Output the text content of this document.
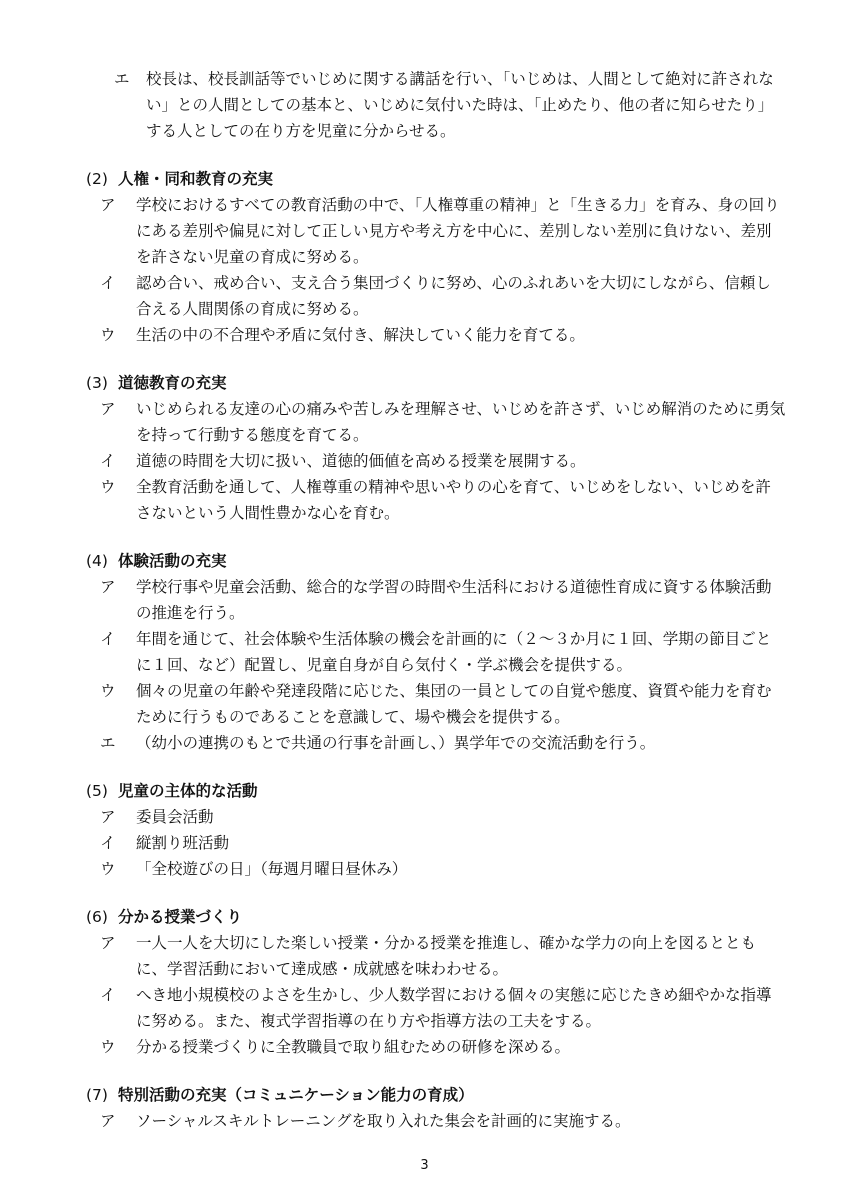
エ	校長は、校長訓話等でいじめに関する講話を行い、「いじめは、人間として絶対に許されない」との人間としての基本と、いじめに気付いた時は、「止めたり、他の者に知らせたり」する人としての在り方を児童に分からせる。
(2) 人権・同和教育の充実
ア	学校におけるすべての教育活動の中で、「人権尊重の精神」と「生きる力」を育み、身の回りにある差別や偏見に対して正しい見方や考え方を中心に、差別しない差別に負けない、差別を許さない児童の育成に努める。
イ	認め合い、戒め合い、支え合う集団づくりに努め、心のふれあいを大切にしながら、信頼し合える人間関係の育成に努める。
ウ	生活の中の不合理や矛盾に気付き、解決していく能力を育てる。
(3) 道徳教育の充実
ア	いじめられる友達の心の痛みや苦しみを理解させ、いじめを許さず、いじめ解消のために勇気を持って行動する態度を育てる。
イ	道徳の時間を大切に扱い、道徳的価値を高める授業を展開する。
ウ	全教育活動を通して、人権尊重の精神や思いやりの心を育て、いじめをしない、いじめを許さないという人間性豊かな心を育む。
(4) 体験活動の充実
ア	学校行事や児童会活動、総合的な学習の時間や生活科における道徳性育成に資する体験活動の推進を行う。
イ	年間を通じて、社会体験や生活体験の機会を計画的に（２～３か月に１回、学期の節目ごとに１回、など）配置し、児童自身が自ら気付く・学ぶ機会を提供する。
ウ	個々の児童の年齢や発達段階に応じた、集団の一員としての自覚や態度、資質や能力を育むために行うものであることを意識して、場や機会を提供する。
エ	（幼小の連携のもとで共通の行事を計画し、）異学年での交流活動を行う。
(5) 児童の主体的な活動
ア	委員会活動
イ	縦割り班活動
ウ	「全校遊びの日」（毎週月曜日昼休み）
(6) 分かる授業づくり
ア	一人一人を大切にした楽しい授業・分かる授業を推進し、確かな学力の向上を図るとともに、学習活動において達成感・成就感を味わわせる。
イ	へき地小規模校のよさを生かし、少人数学習における個々の実態に応じたきめ細やかな指導に努める。また、複式学習指導の在り方や指導方法の工夫をする。
ウ	分かる授業づくりに全教職員で取り組むための研修を深める。
(7) 特別活動の充実（コミュニケーション能力の育成）
ア	ソーシャルスキルトレーニングを取り入れた集会を計画的に実施する。
3
